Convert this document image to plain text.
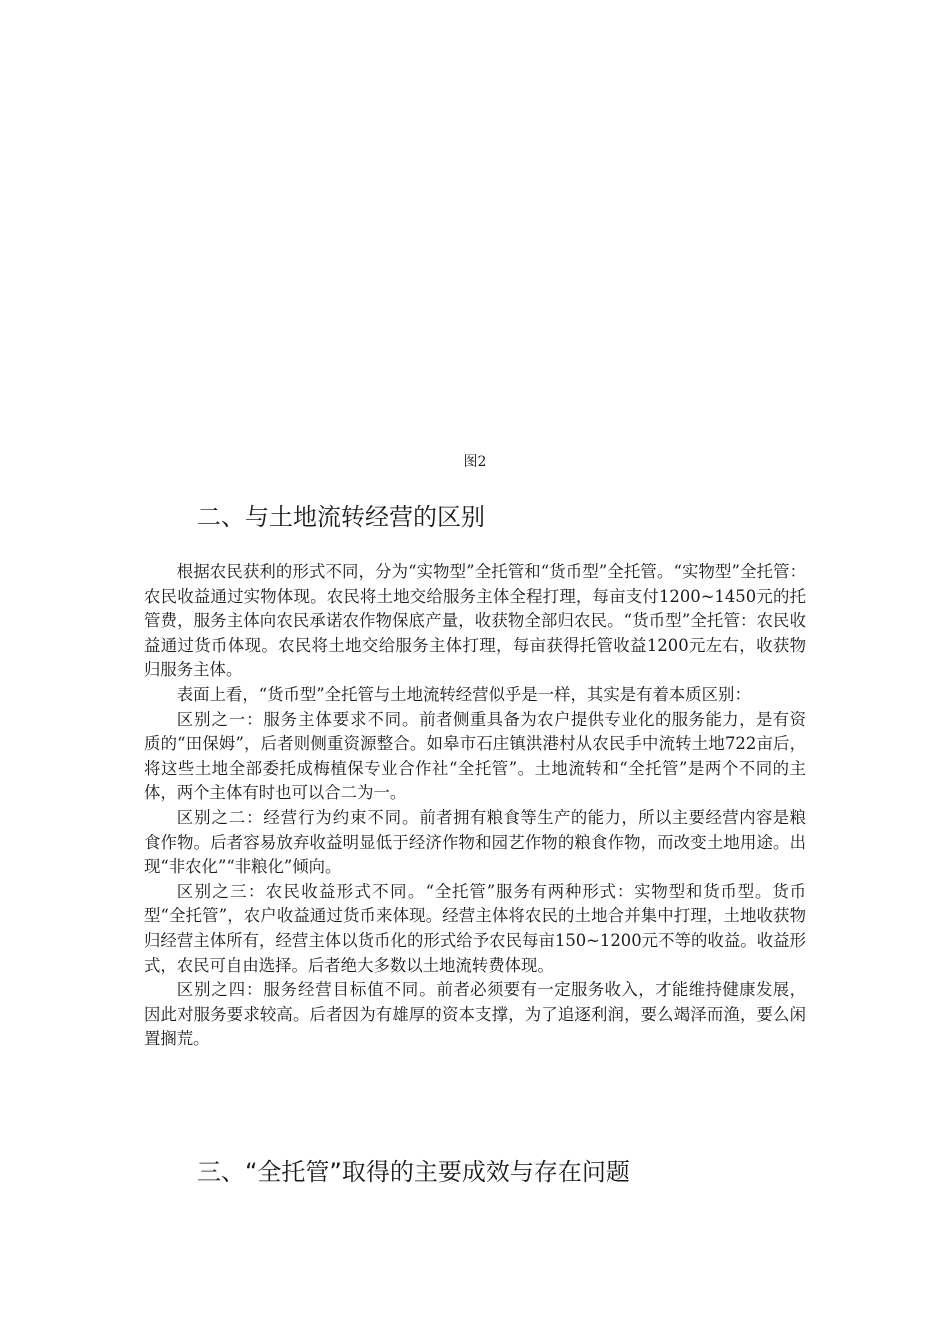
图2
二、与土地流转经营的区别

根据农民获利的形式不同，分为“实物型”全托管和“货币型”全托管。“实物型”全托管：农民收益通过实物体现。农民将土地交给服务主体全程打理，每亩支付1200~1450元的托管费，服务主体向农民承诺农作物保底产量，收获物全部归农民。“货币型”全托管：农民收益通过货币体现。农民将土地交给服务主体打理，每亩获得托管收益1200元左右，收获物归服务主体。

表面上看，“货币型”全托管与土地流转经营似乎是一样，其实是有着本质区别：

区别之一：服务主体要求不同。前者侧重具备为农户提供专业化的服务能力，是有资质的“田保姆”，后者则侧重资源整合。如皋市石庄镇洪港村从农民手中流转土地722亩后，将这些土地全部委托成梅植保专业合作社“全托管”。土地流转和“全托管”是两个不同的主体，两个主体有时也可以合二为一。

区别之二：经营行为约束不同。前者拥有粮食等生产的能力，所以主要经营内容是粮食作物。后者容易放弃收益明显低于经济作物和园艺作物的粮食作物，而改变土地用途。出现“非农化”“非粮化”倾向。

区别之三：农民收益形式不同。“全托管”服务有两种形式：实物型和货币型。货币型“全托管”，农户收益通过货币来体现。经营主体将农民的土地合并集中打理，土地收获物归经营主体所有，经营主体以货币化的形式给予农民每亩150~1200元不等的收益。收益形式，农民可自由选择。后者绝大多数以土地流转费体现。

区别之四：服务经营目标值不同。前者必须要有一定服务收入，才能维持健康发展，因此对服务要求较高。后者因为有雄厚的资本支撑，为了追逐利润，要么竭泽而渔，要么闲置搁荒。

三、“全托管”取得的主要成效与存在问题
